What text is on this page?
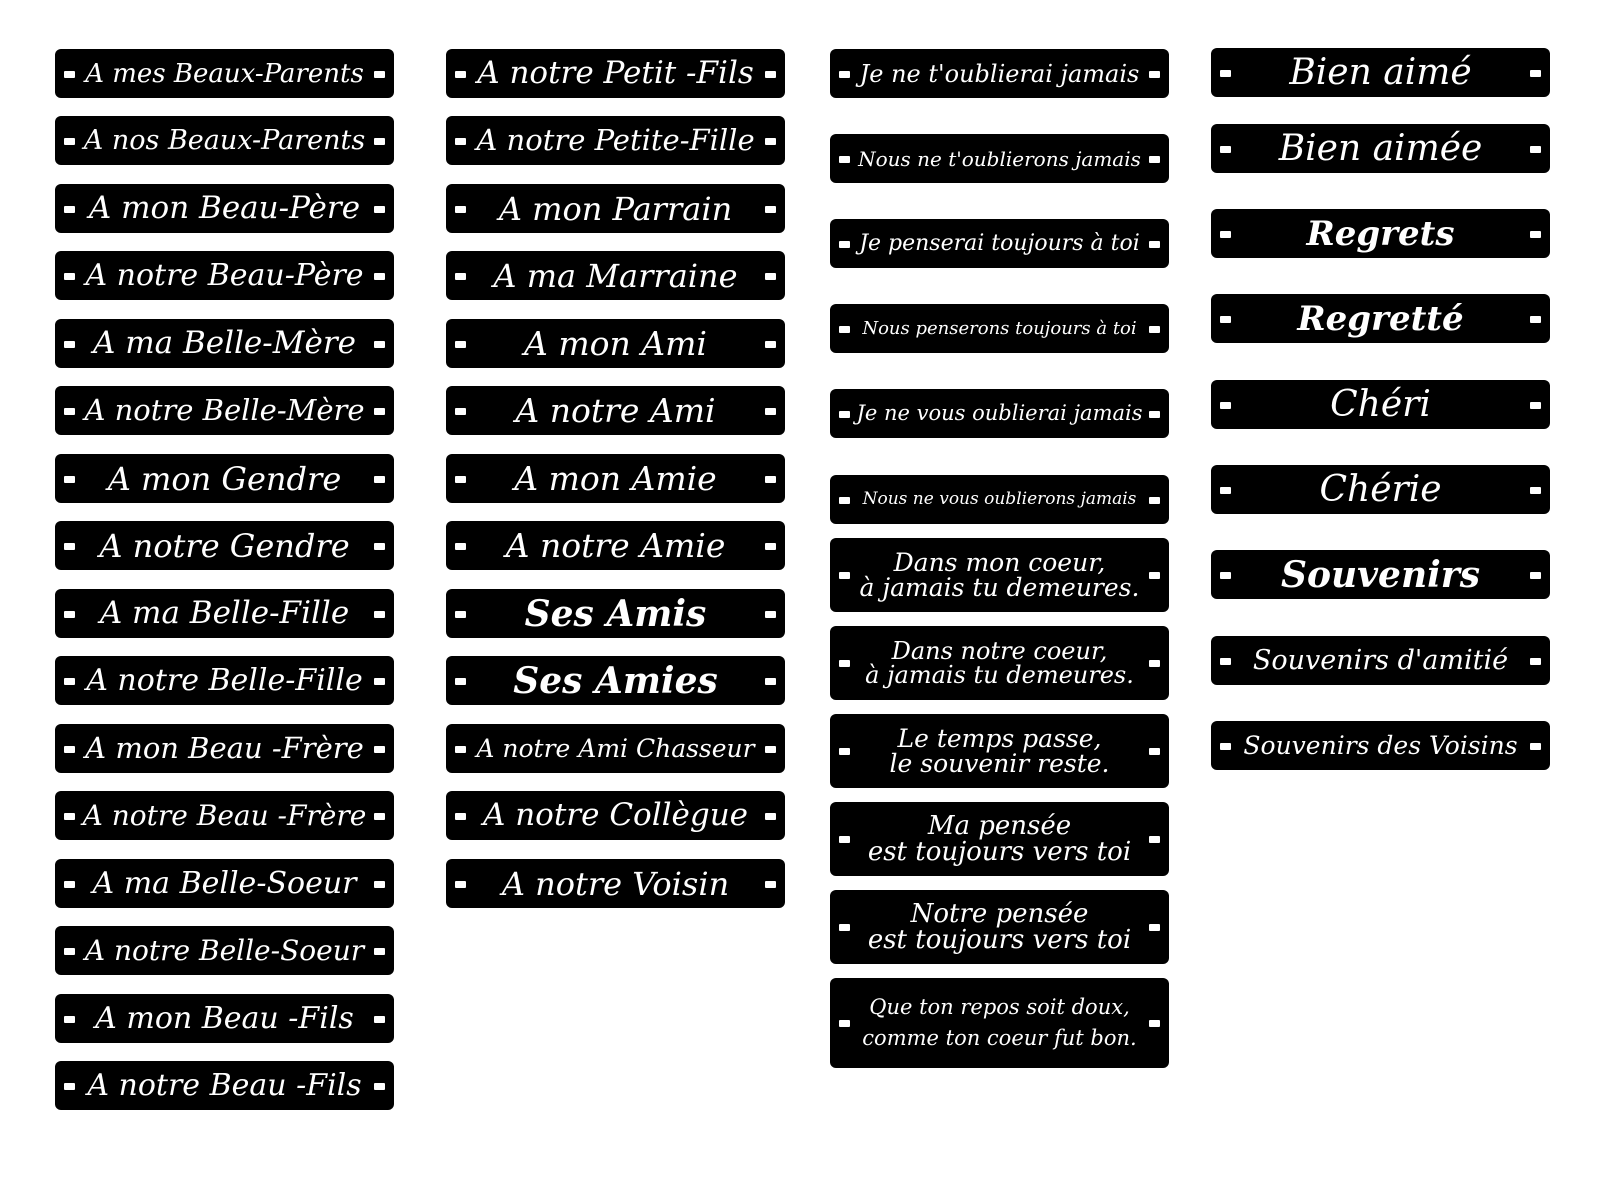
A mes Beaux-Parents
A nos Beaux-Parents
A mon Beau-Père
A notre Beau-Père
A ma Belle-Mère
A notre Belle-Mère
A mon Gendre
A notre Gendre
A ma Belle-Fille
A notre Belle-Fille
A mon Beau -Frère
A notre Beau -Frère
A ma Belle-Soeur
A notre Belle-Soeur
A mon Beau -Fils
A notre Beau -Fils
A notre Petit -Fils
A notre Petite-Fille
A mon Parrain
A ma Marraine
A mon Ami
A notre Ami
A mon Amie
A notre Amie
Ses Amis
Ses Amies
A notre Ami Chasseur
A notre Collègue
A notre Voisin
Je ne t'oublierai jamais
Nous ne t'oublierons jamais
Je penserai toujours à toi
Nous penserons toujours à toi
Je ne vous oublierai jamais
Nous ne vous oublierons jamais
Dans mon coeur,
à jamais tu demeures.
Dans notre coeur,
à jamais tu demeures.
Le temps passe,
le souvenir reste.
Ma pensée
est toujours vers toi
Notre pensée
est toujours vers toi
Que ton repos soit doux,
comme ton coeur fut bon.
Bien aimé
Bien aimée
Regrets
Regretté
Chéri
Chérie
Souvenirs
Souvenirs d'amitié
Souvenirs des Voisins
